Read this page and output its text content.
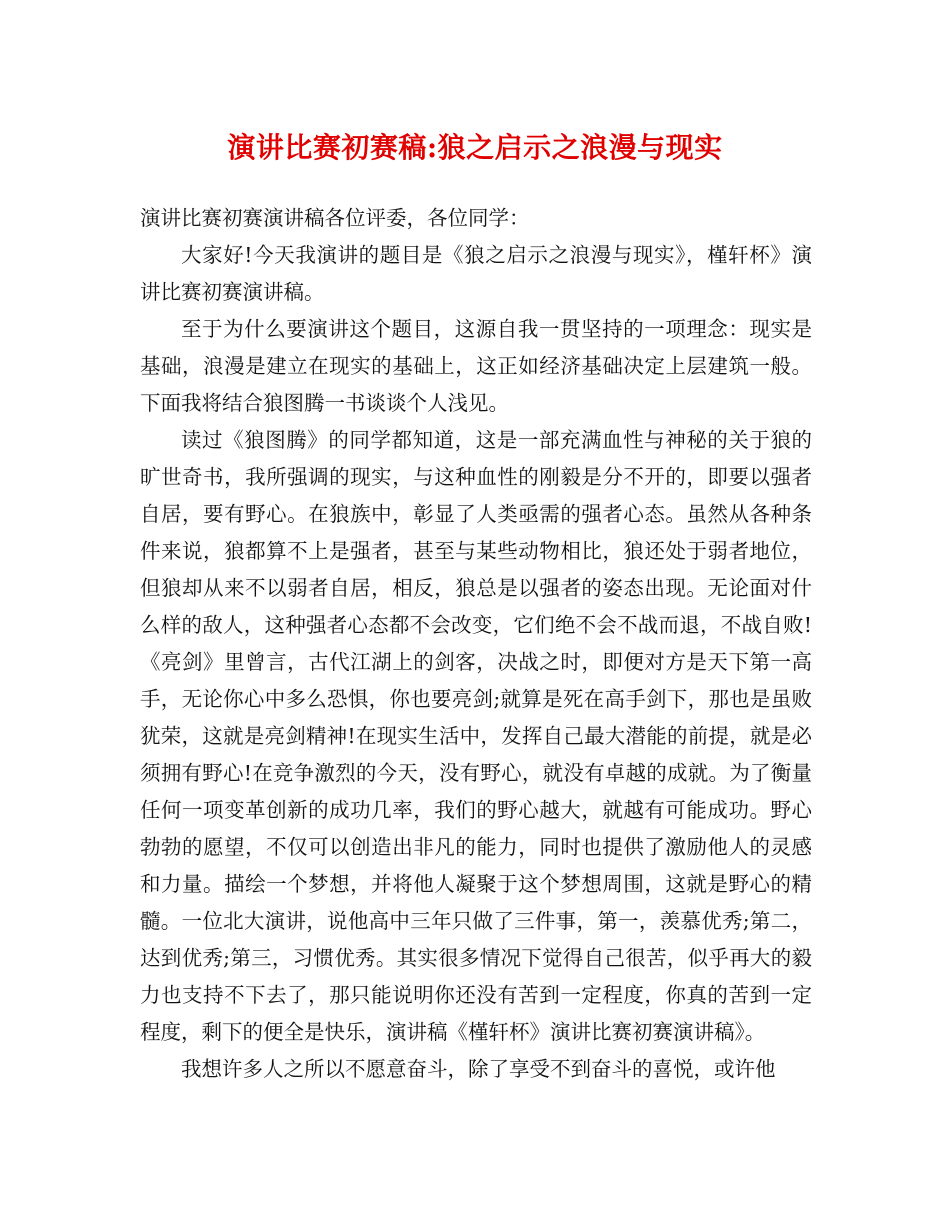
演讲比赛初赛稿:狼之启示之浪漫与现实

演讲比赛初赛演讲稿各位评委，各位同学：

大家好!今天我演讲的题目是《狼之启示之浪漫与现实》，槿轩杯》演讲比赛初赛演讲稿。

至于为什么要演讲这个题目，这源自我一贯坚持的一项理念：现实是基础，浪漫是建立在现实的基础上，这正如经济基础决定上层建筑一般。下面我将结合狼图腾一书谈谈个人浅见。

读过《狼图腾》的同学都知道，这是一部充满血性与神秘的关于狼的旷世奇书，我所强调的现实，与这种血性的刚毅是分不开的，即要以强者自居，要有野心。在狼族中，彰显了人类亟需的强者心态。虽然从各种条件来说，狼都算不上是强者，甚至与某些动物相比，狼还处于弱者地位，但狼却从来不以弱者自居，相反，狼总是以强者的姿态出现。无论面对什么样的敌人，这种强者心态都不会改变，它们绝不会不战而退，不战自败!《亮剑》里曾言，古代江湖上的剑客，决战之时，即便对方是天下第一高手，无论你心中多么恐惧，你也要亮剑;就算是死在高手剑下，那也是虽败犹荣，这就是亮剑精神!在现实生活中，发挥自己最大潜能的前提，就是必须拥有野心!在竞争激烈的今天，没有野心，就没有卓越的成就。为了衡量任何一项变革创新的成功几率，我们的野心越大，就越有可能成功。野心勃勃的愿望，不仅可以创造出非凡的能力，同时也提供了激励他人的灵感和力量。描绘一个梦想，并将他人凝聚于这个梦想周围，这就是野心的精髓。一位北大演讲，说他高中三年只做了三件事，第一，羡慕优秀;第二，达到优秀;第三，习惯优秀。其实很多情况下觉得自己很苦，似乎再大的毅力也支持不下去了，那只能说明你还没有苦到一定程度，你真的苦到一定程度，剩下的便全是快乐，演讲稿《槿轩杯》演讲比赛初赛演讲稿》。

我想许多人之所以不愿意奋斗，除了享受不到奋斗的喜悦，或许他
